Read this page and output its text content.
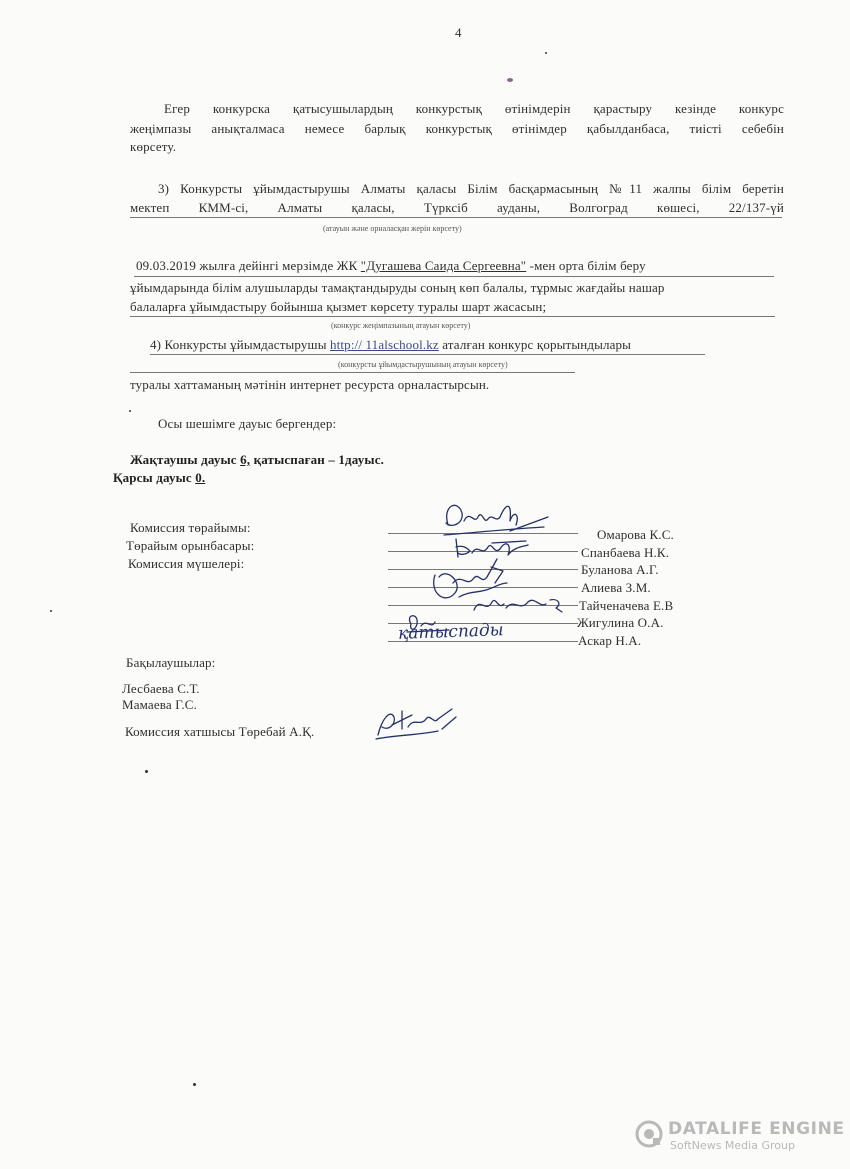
4
Егер конкурска қатысушылардың конкурстық өтінімдерін қарастыру кезінде конкурс
жеңімпазы анықталмаса немесе барлық конкурстық өтінімдер қабылданбаса, тиісті себебін
көрсету.
3) Конкурсты ұйымдастырушы Алматы қаласы Білім басқармасының №11 жалпы білім беретін
мектеп КММ-сі, Алматы қаласы, Түрксіб ауданы, Волгоград көшесі, 22/137-үй
(атауын және орналасқан жерін көрсету)
09.03.2019 жылға дейінгі мерзімде ЖК "Дугашева Саида Сергеевна" -мен орта білім беру
ұйымдарында білім алушыларды тамақтандыруды соның көп балалы, тұрмыс жағдайы нашар
балаларға ұйымдастыру бойынша қызмет көрсету туралы шарт жасасын;
(конкурс жеңімпазының атауын көрсету)
4) Конкурсты ұйымдастырушы http:// 11alschool.kz аталған конкурс қорытындылары
(конкурсты ұйымдастырушының атауын көрсету)
туралы хаттаманың мәтінін интернет ресурста орналастырсын.
Осы шешімге дауыс бергендер:
Жақтаушы дауыс 6, қатыспаған – 1дауыс.
Қарсы дауыс 0.
Комиссия төрайымы:
Төрайым орынбасары:
Комиссия мүшелері:
Омарова К.С.
Спанбаева Н.К.
Буланова А.Г.
Алиева З.М.
Тайченачева Е.В
Жигулина О.А.
Аскар Н.А.
қатыспады
Бақылаушылар:
Лесбаева С.Т.
Мамаева Г.С.
Комиссия хатшысы Төребай А.Қ.
DATALIFE ENGINE
SoftNews Media Group
